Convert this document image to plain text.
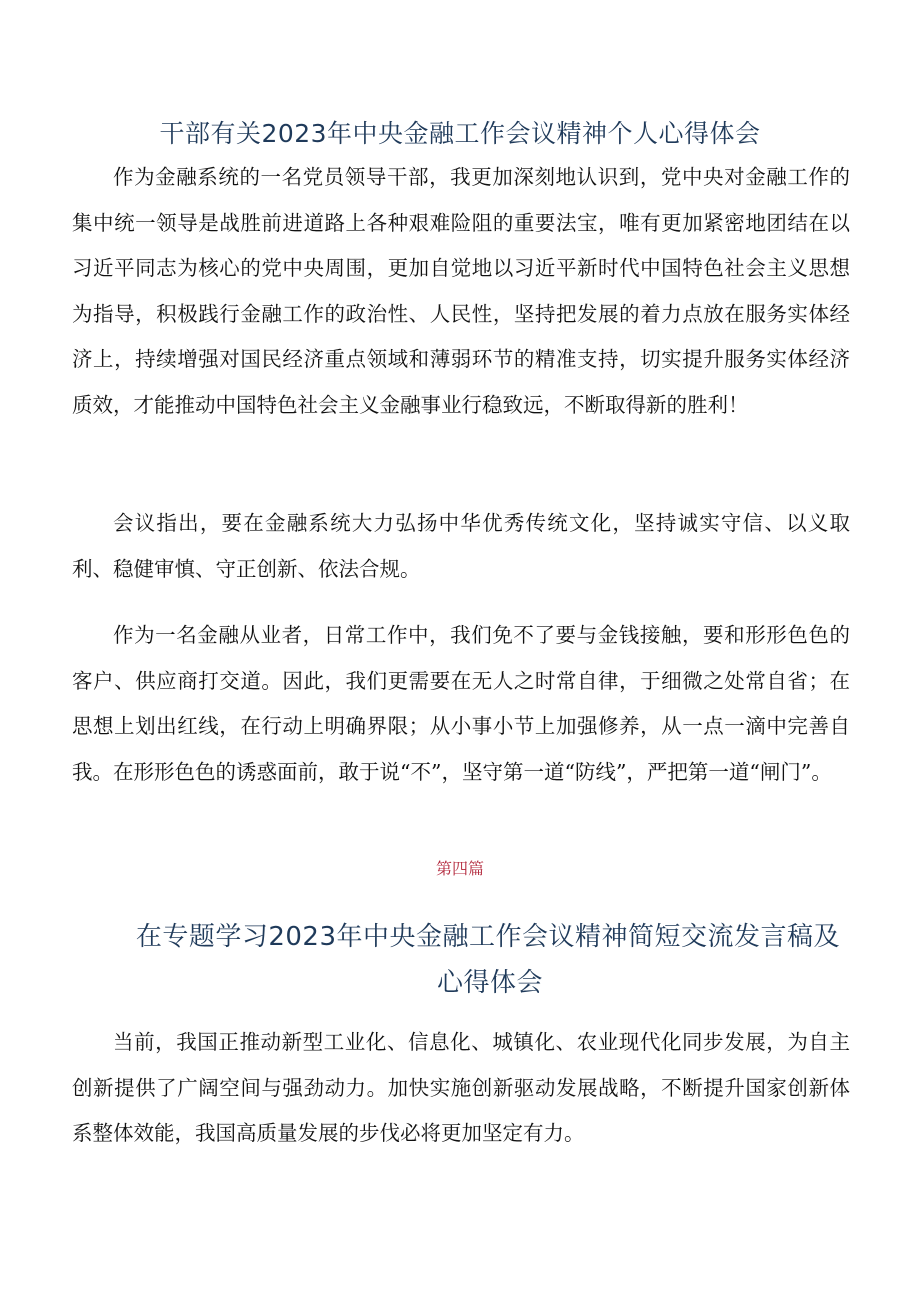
干部有关2023年中央金融工作会议精神个人心得体会

作为金融系统的一名党员领导干部，我更加深刻地认识到，党中央对金融工作的集中统一领导是战胜前进道路上各种艰难险阻的重要法宝，唯有更加紧密地团结在以习近平同志为核心的党中央周围，更加自觉地以习近平新时代中国特色社会主义思想为指导，积极践行金融工作的政治性、人民性，坚持把发展的着力点放在服务实体经济上，持续增强对国民经济重点领域和薄弱环节的精准支持，切实提升服务实体经济质效，才能推动中国特色社会主义金融事业行稳致远，不断取得新的胜利！

会议指出，要在金融系统大力弘扬中华优秀传统文化，坚持诚实守信、以义取利、稳健审慎、守正创新、依法合规。

作为一名金融从业者，日常工作中，我们免不了要与金钱接触，要和形形色色的客户、供应商打交道。因此，我们更需要在无人之时常自律，于细微之处常自省；在思想上划出红线，在行动上明确界限；从小事小节上加强修养，从一点一滴中完善自我。在形形色色的诱惑面前，敢于说“不”，坚守第一道“防线”，严把第一道“闸门”。

第四篇

在专题学习2023年中央金融工作会议精神简短交流发言稿及
心得体会

当前，我国正推动新型工业化、信息化、城镇化、农业现代化同步发展，为自主创新提供了广阔空间与强劲动力。加快实施创新驱动发展战略，不断提升国家创新体系整体效能，我国高质量发展的步伐必将更加坚定有力。
